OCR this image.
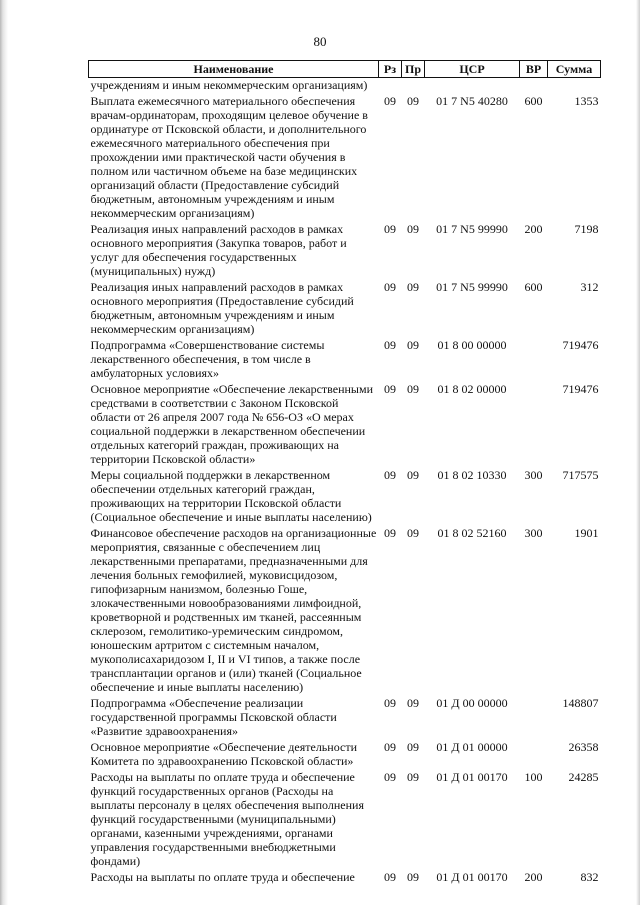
80
Наименование	Рз	Пр	ЦСР	ВР	Сумма
учреждениям и иным некоммерческим организациям)					
Выплата ежемесячного материального обеспечения врачам-ординаторам, проходящим целевое обучение в ординатуре от Псковской области, и дополнительного ежемесячного материального обеспечения при прохождении ими практической части обучения в полном или частичном объеме на базе медицинских организаций области (Предоставление субсидий бюджетным, автономным учреждениям и иным некоммерческим организациям)	09	09	01 7 N5 40280	600	1353
Реализация иных направлений расходов в рамках основного мероприятия (Закупка товаров, работ и услуг для обеспечения государственных (муниципальных) нужд)	09	09	01 7 N5 99990	200	7198
Реализация иных направлений расходов в рамках основного мероприятия (Предоставление субсидий бюджетным, автономным учреждениям и иным некоммерческим организациям)	09	09	01 7 N5 99990	600	312
Подпрограмма «Совершенствование системы лекарственного обеспечения, в том числе в амбулаторных условиях»	09	09	01 8 00 00000		719476
Основное мероприятие «Обеспечение лекарственными средствами в соответствии с Законом Псковской области от 26 апреля 2007 года № 656-ОЗ «О мерах социальной поддержки в лекарственном обеспечении отдельных категорий граждан, проживающих на территории Псковской области»	09	09	01 8 02 00000		719476
Меры социальной поддержки в лекарственном обеспечении отдельных категорий граждан, проживающих на территории Псковской области (Социальное обеспечение и иные выплаты населению)	09	09	01 8 02 10330	300	717575
Финансовое обеспечение расходов на организационные мероприятия, связанные с обеспечением лиц лекарственными препаратами, предназначенными для лечения больных гемофилией, муковисцидозом, гипофизарным нанизмом, болезнью Гоше, злокачественными новообразованиями лимфоидной, кроветворной и родственных им тканей, рассеянным склерозом, гемолитико-уремическим синдромом, юношеским артритом с системным началом, мукополисахаридозом I, II и VI типов, а также после трансплантации органов и (или) тканей (Социальное обеспечение и иные выплаты населению)	09	09	01 8 02 52160	300	1901
Подпрограмма «Обеспечение реализации государственной программы Псковской области «Развитие здравоохранения»	09	09	01 Д 00 00000		148807
Основное мероприятие «Обеспечение деятельности Комитета по здравоохранению Псковской области»	09	09	01 Д 01 00000		26358
Расходы на выплаты по оплате труда и обеспечение функций государственных органов (Расходы на выплаты персоналу в целях обеспечения выполнения функций государственными (муниципальными) органами, казенными учреждениями, органами управления государственными внебюджетными фондами)	09	09	01 Д 01 00170	100	24285
Расходы на выплаты по оплате труда и обеспечение	09	09	01 Д 01 00170	200	832
